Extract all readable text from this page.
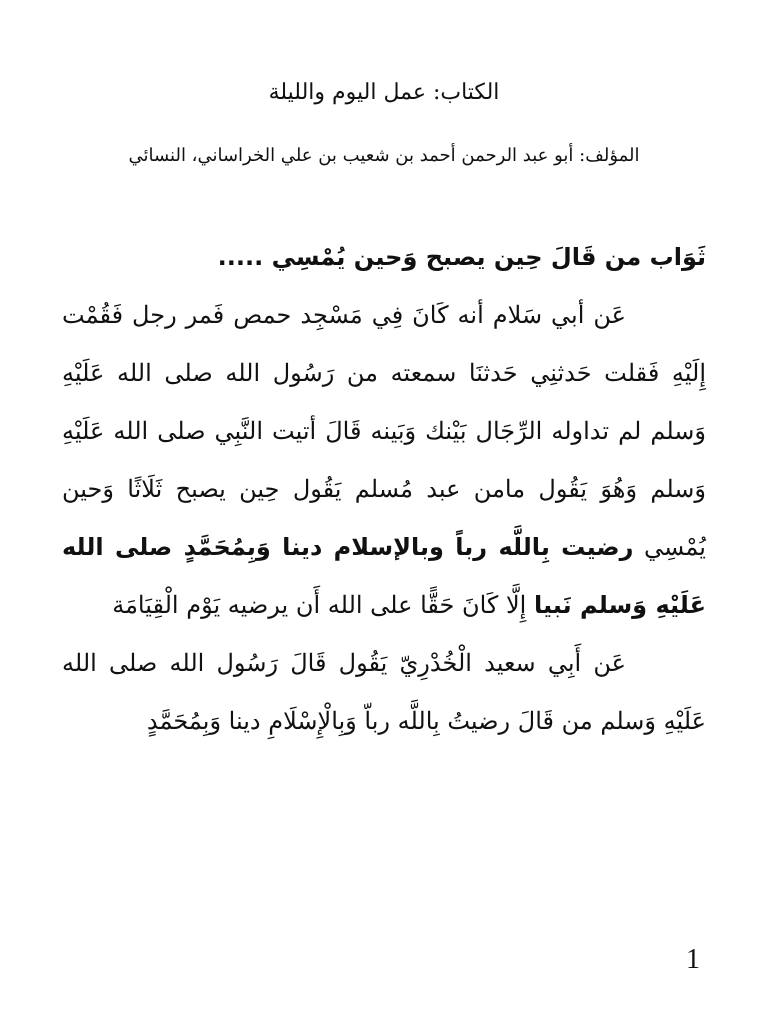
الكتاب: عمل اليوم والليلة
المؤلف: أبو عبد الرحمن أحمد بن شعيب بن علي الخراساني، النسائي

ثَوَاب من قَالَ حِين يصبح وَحين يُمْسِي .....

عَن أبي سَلام أنه كَانَ فِي مَسْجِد حمص فَمر رجل فَقُمْت إِلَيْهِ فَقلت حَدثنِي حَدثنَا سمعته من رَسُول الله صلى الله عَلَيْهِ وَسلم لم تداوله الرِّجَال بَيْنك وَبَينه قَالَ أتيت النَّبِي صلى الله عَلَيْهِ وَسلم وَهُوَ يَقُول مامن عبد مُسلم يَقُول حِين يصبح ثَلَاثًا وَحين يُمْسِي رضيت بِاللَّه رباً وبالإسلام دينا وَبِمُحَمَّدٍ صلى الله عَلَيْهِ وَسلم نَبيا إِلَّا كَانَ حَقًّا على الله أَن يرضيه يَوْم الْقِيَامَة

عَن أَبِي سعيد الْخُدْرِيّ يَقُول قَالَ رَسُول الله صلى الله عَلَيْهِ وَسلم من قَالَ رضيتُ بِاللَّه رباّ وَبِالْإِسْلَامِ دينا وَبِمُحَمَّدٍ

1
